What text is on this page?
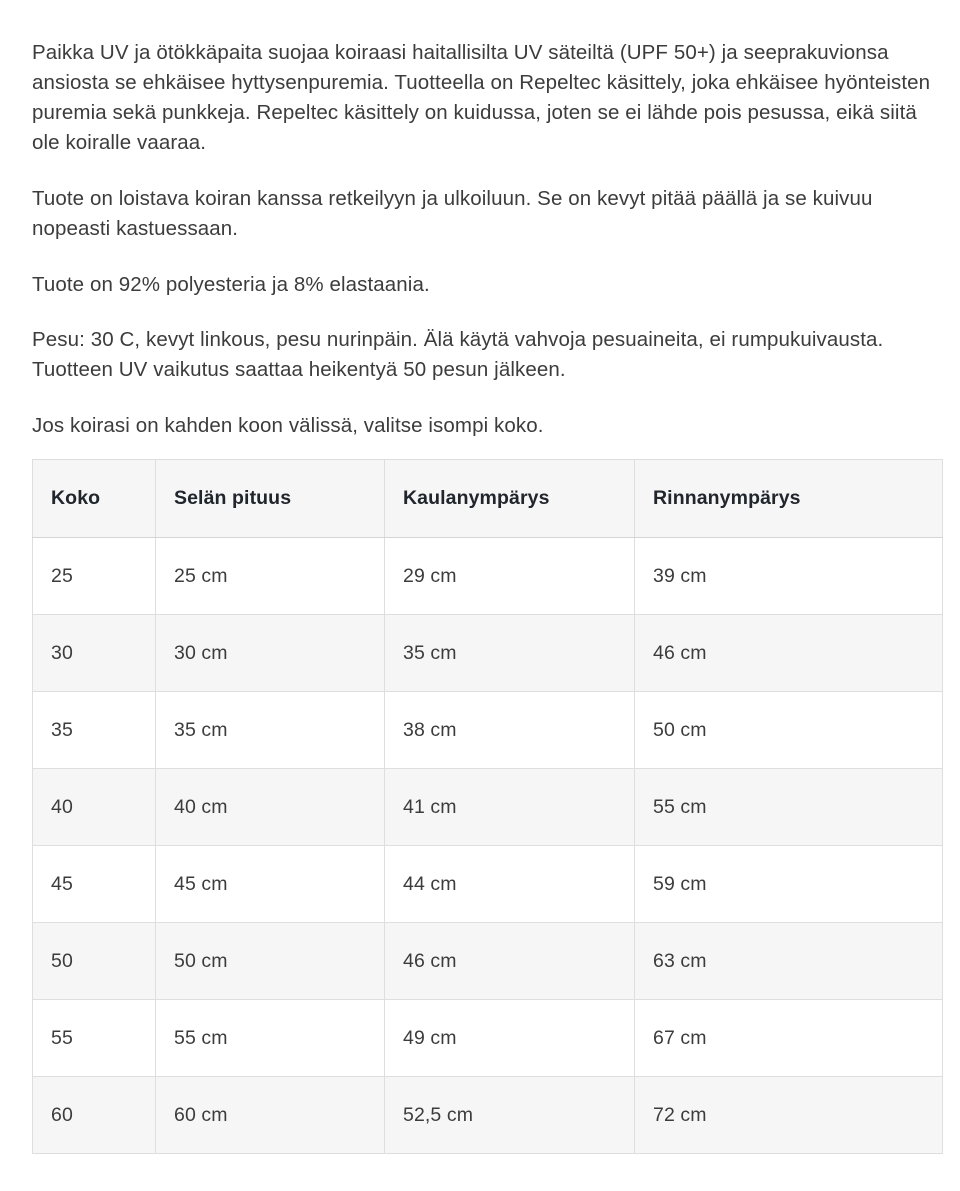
Paikka UV ja ötökkäpaita suojaa koiraasi haitallisilta UV säteiltä (UPF 50+) ja seeprakuvionsa ansiosta se ehkäisee hyttysenpuremia. Tuotteella on Repeltec käsittely, joka ehkäisee hyönteisten puremia sekä punkkeja. Repeltec käsittely on kuidussa, joten se ei lähde pois pesussa, eikä siitä ole koiralle vaaraa.

Tuote on loistava koiran kanssa retkeilyyn ja ulkoiluun. Se on kevyt pitää päällä ja se kuivuu nopeasti kastuessaan.

Tuote on 92% polyesteria ja 8% elastaania.

Pesu: 30 C, kevyt linkous, pesu nurinpäin. Älä käytä vahvoja pesuaineita, ei rumpukuivausta. Tuotteen UV vaikutus saattaa heikentyä 50 pesun jälkeen.

Jos koirasi on kahden koon välissä, valitse isompi koko.

Koko	Selän pituus	Kaulanympärys	Rinnanympärys
25	25 cm	29 cm	39 cm
30	30 cm	35 cm	46 cm
35	35 cm	38 cm	50 cm
40	40 cm	41 cm	55 cm
45	45 cm	44 cm	59 cm
50	50 cm	46 cm	63 cm
55	55 cm	49 cm	67 cm
60	60 cm	52,5 cm	72 cm
